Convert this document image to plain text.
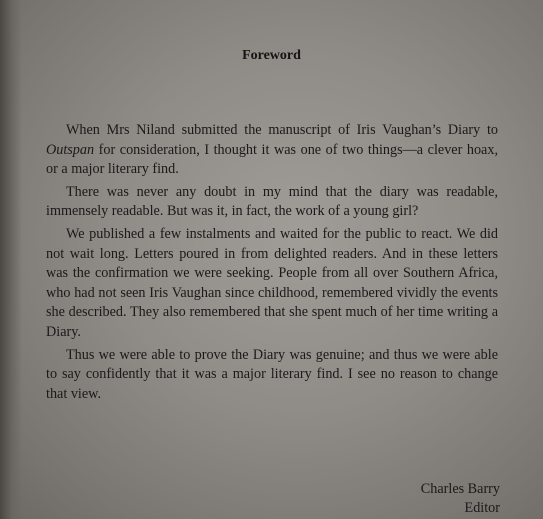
Foreword

When Mrs Niland submitted the manuscript of Iris Vaughan’s Diary to Outspan for consideration, I thought it was one of two things—a clever hoax, or a major literary find.

There was never any doubt in my mind that the diary was readable, immensely readable. But was it, in fact, the work of a young girl?

We published a few instalments and waited for the public to react. We did not wait long. Letters poured in from delighted readers. And in these letters was the confirmation we were seeking. People from all over Southern Africa, who had not seen Iris Vaughan since childhood, remembered vividly the events she described. They also remembered that she spent much of her time writing a Diary.

Thus we were able to prove the Diary was genuine; and thus we were able to say confidently that it was a major literary find. I see no reason to change that view.

Charles Barry
Editor
